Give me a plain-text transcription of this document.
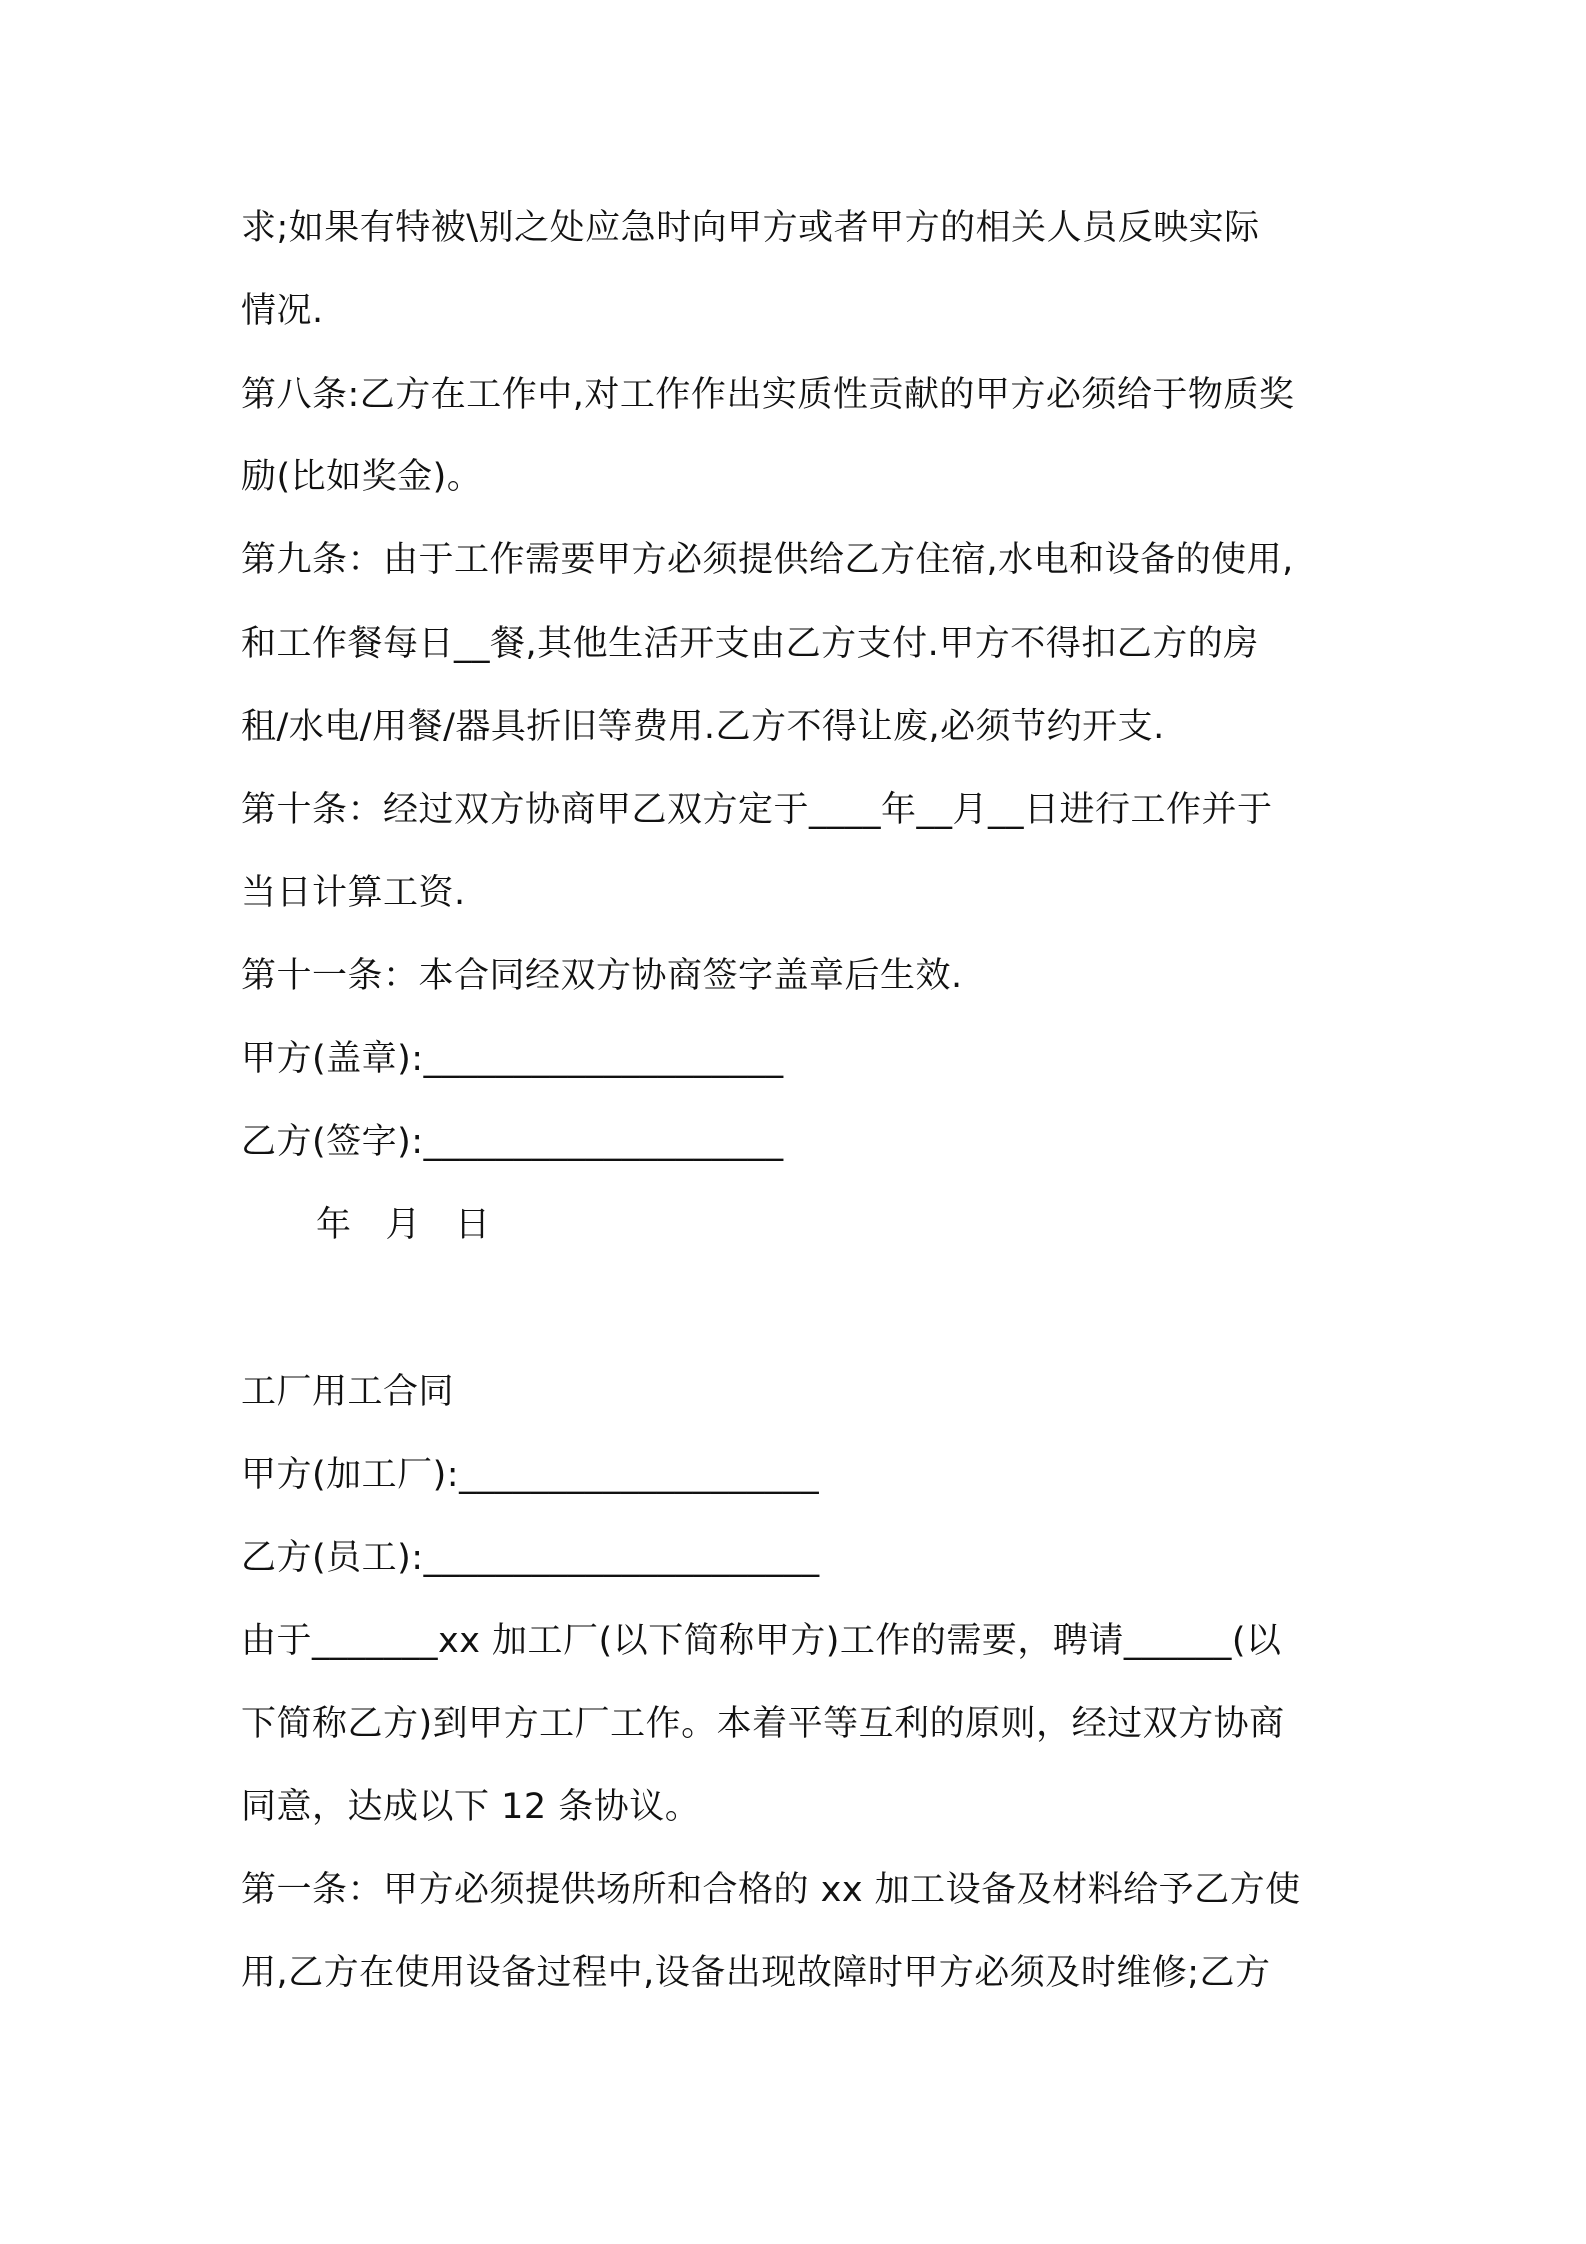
求;如果有特被\别之处应急时向甲方或者甲方的相关人员反映实际
情况.
第八条:乙方在工作中,对工作作出实质性贡献的甲方必须给于物质奖
励(比如奖金)。
第九条：由于工作需要甲方必须提供给乙方住宿,水电和设备的使用,
和工作餐每日__餐,其他生活开支由乙方支付.甲方不得扣乙方的房
租/水电/用餐/器具折旧等费用.乙方不得让废,必须节约开支.
第十条：经过双方协商甲乙双方定于____年__月__日进行工作并于
当日计算工资.
第十一条：本合同经双方协商签字盖章后生效.
甲方(盖章):____________________
乙方(签字):____________________
年 月 日
工厂用工合同
甲方(加工厂):____________________
乙方(员工):______________________
由于_______xx 加工厂(以下简称甲方)工作的需要，聘请______(以
下简称乙方)到甲方工厂工作。本着平等互利的原则，经过双方协商
同意，达成以下 12 条协议。
第一条：甲方必须提供场所和合格的 xx 加工设备及材料给予乙方使
用,乙方在使用设备过程中,设备出现故障时甲方必须及时维修;乙方
